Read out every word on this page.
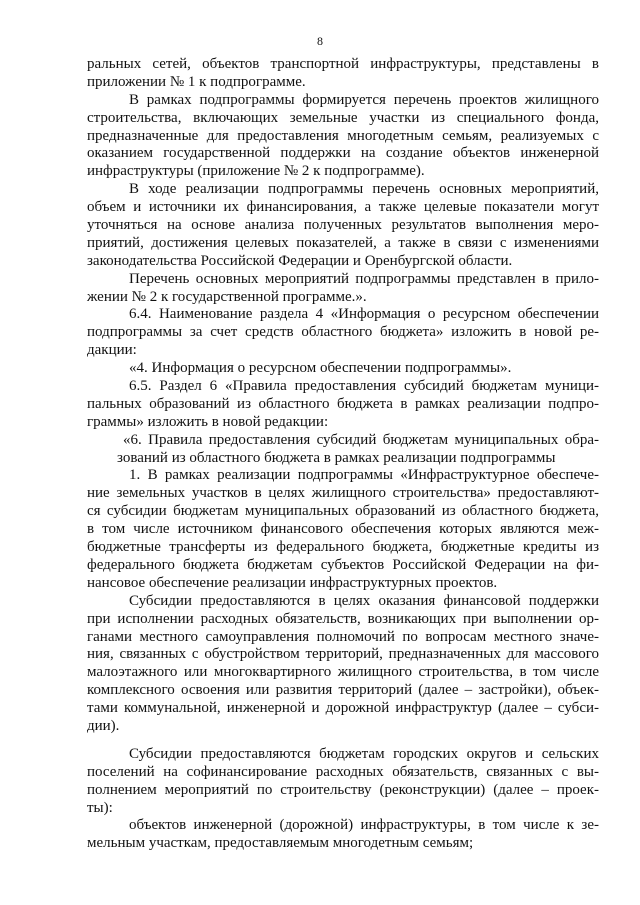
8
ральных сетей, объектов транспортной инфраструктуры, представлены в
приложении № 1 к подпрограмме.
В рамках подпрограммы формируется перечень проектов жилищного
строительства, включающих земельные участки из специального фонда,
предназначенные для предоставления многодетным семьям, реализуемых с
оказанием государственной поддержки на создание объектов инженерной
инфраструктуры (приложение № 2 к подпрограмме).
В ходе реализации подпрограммы перечень основных мероприятий,
объем и источники их финансирования, а также целевые показатели могут
уточняться на основе анализа полученных результатов выполнения меро-
приятий, достижения целевых показателей, а также в связи с изменениями
законодательства Российской Федерации и Оренбургской области.
Перечень основных мероприятий подпрограммы представлен в прило-
жении № 2 к государственной программе.».
6.4. Наименование раздела 4 «Информация о ресурсном обеспечении
подпрограммы за счет средств областного бюджета» изложить в новой ре-
дакции:
«4. Информация о ресурсном обеспечении подпрограммы».
6.5. Раздел 6 «Правила предоставления субсидий бюджетам муници-
пальных образований из областного бюджета в рамках реализации подпро-
граммы» изложить в новой редакции:
«6. Правила предоставления субсидий бюджетам муниципальных обра-
зований из областного бюджета в рамках реализации подпрограммы
1. В рамках реализации подпрограммы «Инфраструктурное обеспече-
ние земельных участков в целях жилищного строительства» предоставляют-
ся субсидии бюджетам муниципальных образований из областного бюджета,
в том числе источником финансового обеспечения которых являются меж-
бюджетные трансферты из федерального бюджета, бюджетные кредиты из
федерального бюджета бюджетам субъектов Российской Федерации на фи-
нансовое обеспечение реализации инфраструктурных проектов.
Субсидии предоставляются в целях оказания финансовой поддержки
при исполнении расходных обязательств, возникающих при выполнении ор-
ганами местного самоуправления полномочий по вопросам местного значе-
ния, связанных с обустройством территорий, предназначенных для массового
малоэтажного или многоквартирного жилищного строительства, в том числе
комплексного освоения или развития территорий (далее – застройки), объек-
тами коммунальной, инженерной и дорожной инфраструктур (далее – субси-
дии).
Субсидии предоставляются бюджетам городских округов и сельских
поселений на софинансирование расходных обязательств, связанных с вы-
полнением мероприятий по строительству (реконструкции) (далее – проек-
ты):
объектов инженерной (дорожной) инфраструктуры, в том числе к зе-
мельным участкам, предоставляемым многодетным семьям;
